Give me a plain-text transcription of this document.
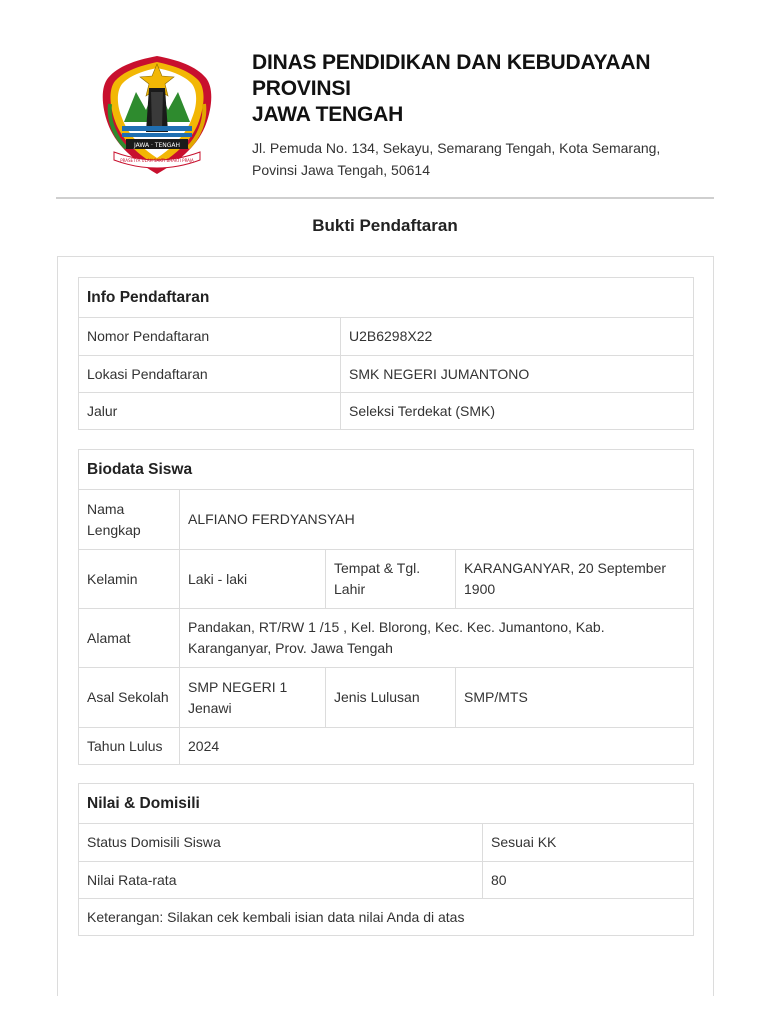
JAWA · TENGAH
PRASETYA ULAH SAKTI BHAKTI PRAJA
DINAS PENDIDIKAN DAN KEBUDAYAAN
PROVINSI
JAWA TENGAH
Jl. Pemuda No. 134, Sekayu, Semarang Tengah, Kota Semarang,
Povinsi Jawa Tengah, 50614
Bukti Pendaftaran
Info Pendaftaran	
Nomor Pendaftaran	U2B6298X22
Lokasi Pendaftaran	SMK NEGERI JUMANTONO
Jalur	Seleksi Terdekat (SMK)
Biodata Siswa			
Nama Lengkap	ALFIANO FERDYANSYAH		
Kelamin	Laki - laki	Tempat & Tgl. Lahir	KARANGANYAR, 20 September 1900
Alamat	Pandakan, RT/RW 1 /15 , Kel. Blorong, Kec. Kec. Jumantono, Kab. Karanganyar, Prov. Jawa Tengah		
Asal Sekolah	SMP NEGERI 1 Jenawi	Jenis Lulusan	SMP/MTS
Tahun Lulus	2024		
Nilai & Domisili	
Status Domisili Siswa	Sesuai KK
Nilai Rata-rata	80
Keterangan: Silakan cek kembali isian data nilai Anda di atas	
